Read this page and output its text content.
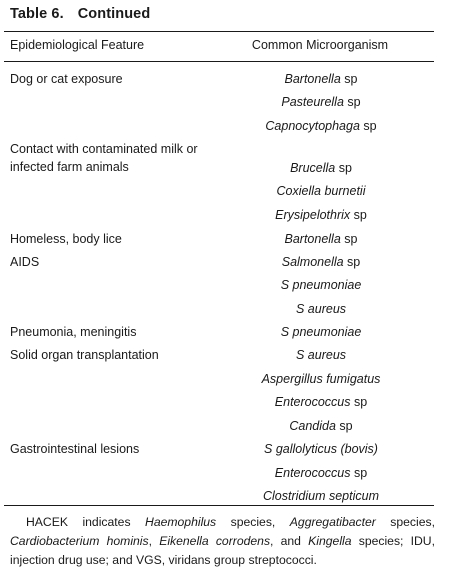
Table 6. Continued
Epidemiological Feature	Common Microorganism
Dog or cat exposure
Contact with contaminated milk or
infected farm animals
Homeless, body lice
AIDS
Pneumonia, meningitis
Solid organ transplantation
Gastrointestinal lesions
Bartonella sp
Pasteurella sp
Capnocytophaga sp
Brucella sp
Coxiella burnetii
Erysipelothrix sp
Bartonella sp
Salmonella sp
S pneumoniae
S aureus
S pneumoniae
S aureus
Aspergillus fumigatus
Enterococcus sp
Candida sp
S gallolyticus (bovis)
Enterococcus sp
Clostridium septicum
HACEK indicates Haemophilus species, Aggregatibacter species, Cardiobacterium hominis, Eikenella corrodens, and Kingella species; IDU, injection drug use; and VGS, viridans group streptococci.
